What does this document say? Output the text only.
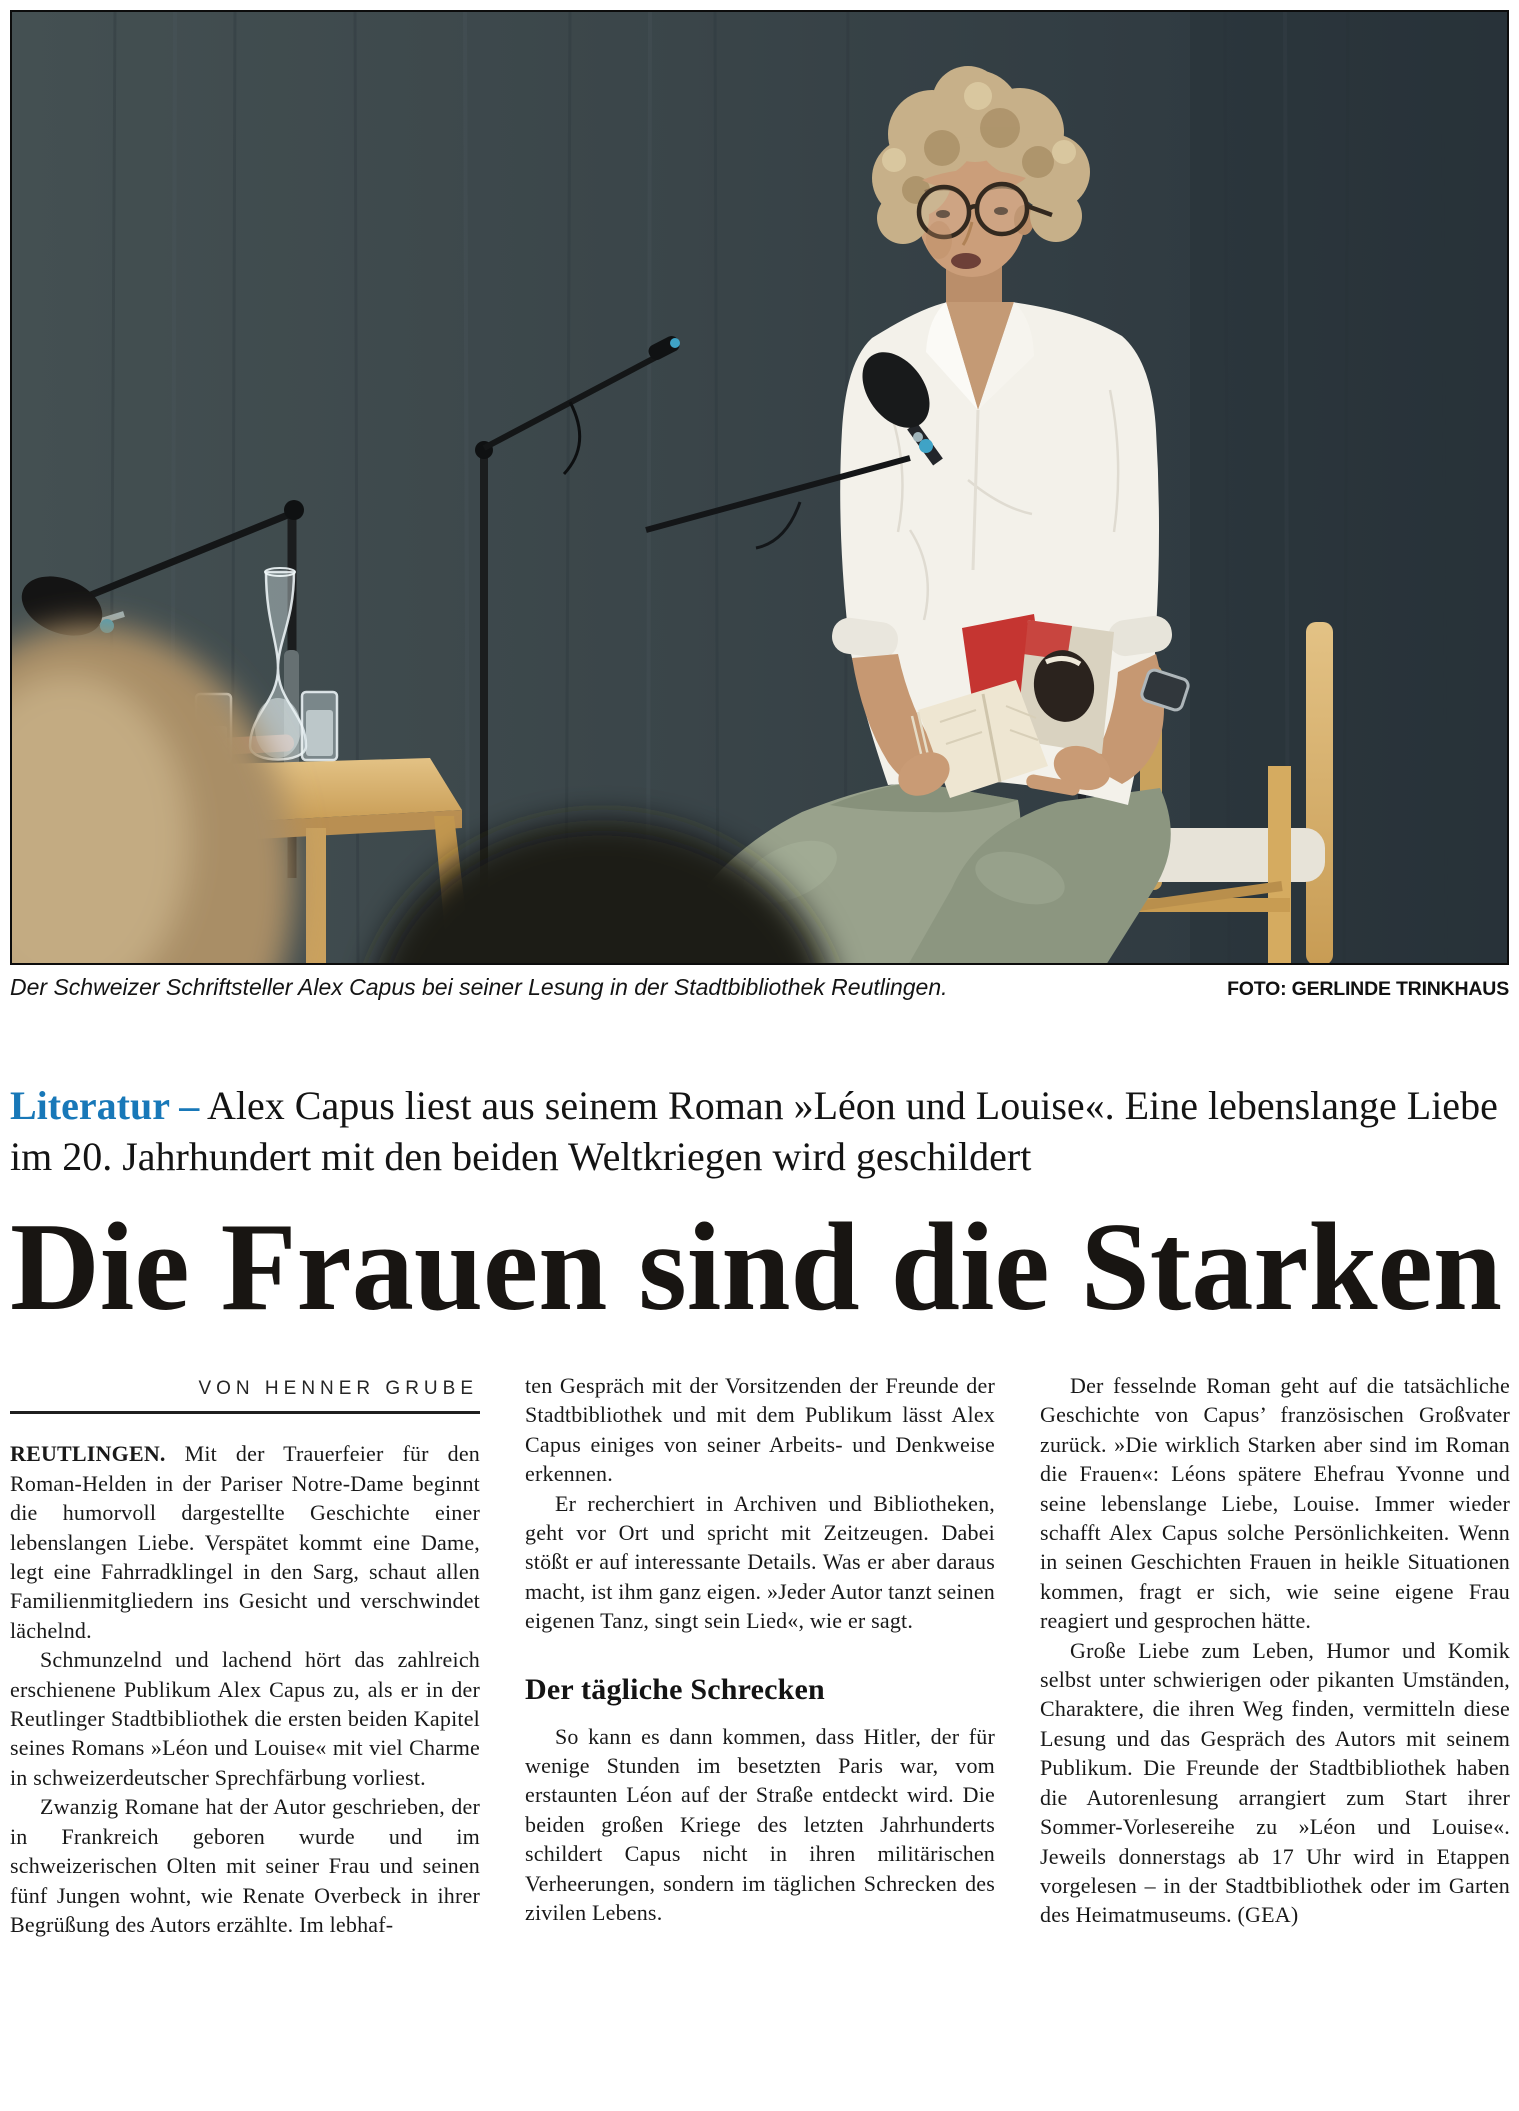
Der Schweizer Schriftsteller Alex Capus bei seiner Lesung in der Stadtbibliothek Reutlingen.	FOTO: GERLINDE TRINKHAUS
Literatur – Alex Capus liest aus seinem Roman »Léon und Louise«. Eine lebenslange Liebe im 20. Jahrhundert mit den beiden Weltkriegen wird geschildert
Die Frauen sind die Starken
VON HENNER GRUBE

REUTLINGEN. Mit der Trauerfeier für den Roman-Helden in der Pariser Notre-Dame beginnt die humorvoll dargestellte Geschichte einer lebenslangen Liebe. Verspätet kommt eine Dame, legt eine Fahrradklingel in den Sarg, schaut allen Familienmitgliedern ins Gesicht und verschwindet lächelnd.

Schmunzelnd und lachend hört das zahlreich erschienene Publikum Alex Capus zu, als er in der Reutlinger Stadtbibliothek die ersten beiden Kapitel seines Romans »Léon und Louise« mit viel Charme in schweizerdeutscher Sprechfärbung vorliest.

Zwanzig Romane hat der Autor geschrieben, der in Frankreich geboren wurde und im schweizerischen Olten mit seiner Frau und seinen fünf Jungen wohnt, wie Renate Overbeck in ihrer Begrüßung des Autors erzählte. Im lebhaf-

ten Gespräch mit der Vorsitzenden der Freunde der Stadtbibliothek und mit dem Publikum lässt Alex Capus einiges von seiner Arbeits- und Denkweise erkennen.

Er recherchiert in Archiven und Bibliotheken, geht vor Ort und spricht mit Zeitzeugen. Dabei stößt er auf interessante Details. Was er aber daraus macht, ist ihm ganz eigen. »Jeder Autor tanzt seinen eigenen Tanz, singt sein Lied«, wie er sagt.

Der tägliche Schrecken

So kann es dann kommen, dass Hitler, der für wenige Stunden im besetzten Paris war, vom erstaunten Léon auf der Straße entdeckt wird. Die beiden großen Kriege des letzten Jahrhunderts schildert Capus nicht in ihren militärischen Verheerungen, sondern im täglichen Schrecken des zivilen Lebens.

Der fesselnde Roman geht auf die tatsächliche Geschichte von Capus’ französischen Großvater zurück. »Die wirklich Starken aber sind im Roman die Frauen«: Léons spätere Ehefrau Yvonne und seine lebenslange Liebe, Louise. Immer wieder schafft Alex Capus solche Persönlichkeiten. Wenn in seinen Geschichten Frauen in heikle Situationen kommen, fragt er sich, wie seine eigene Frau reagiert und gesprochen hätte.

Große Liebe zum Leben, Humor und Komik selbst unter schwierigen oder pikanten Umständen, Charaktere, die ihren Weg finden, vermitteln diese Lesung und das Gespräch des Autors mit seinem Publikum. Die Freunde der Stadtbibliothek haben die Autorenlesung arrangiert zum Start ihrer Sommer-Vorlesereihe zu »Léon und Louise«. Jeweils donnerstags ab 17 Uhr wird in Etappen vorgelesen – in der Stadtbibliothek oder im Garten des Heimatmuseums. (GEA)
